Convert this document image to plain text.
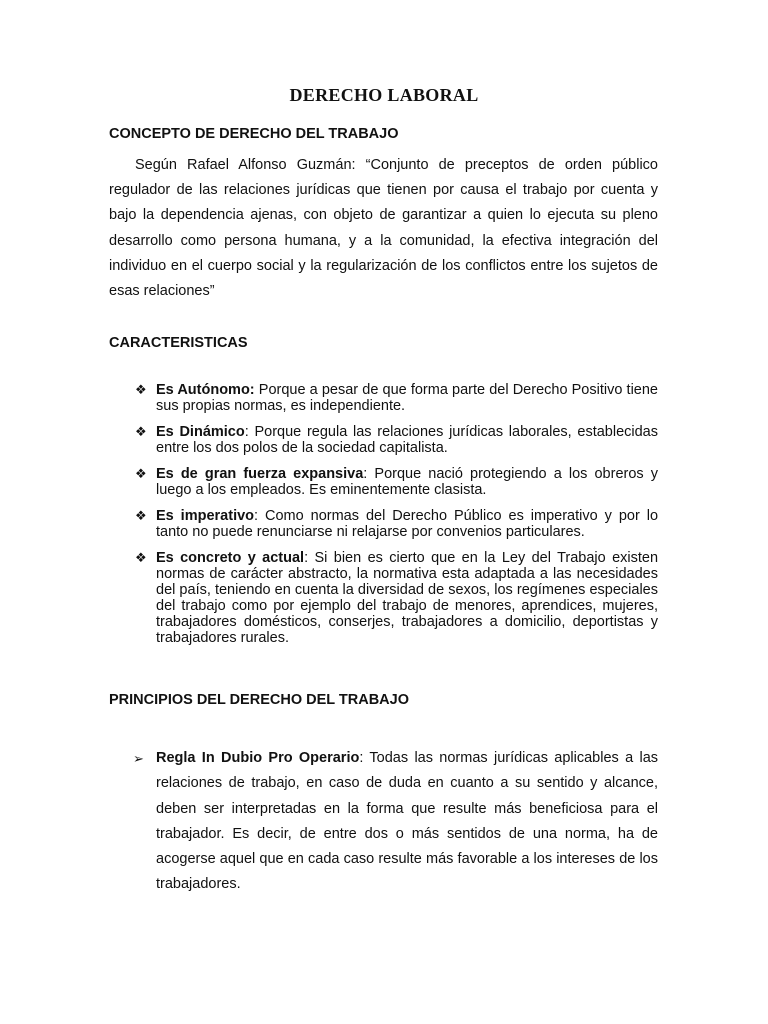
DERECHO LABORAL
CONCEPTO DE DERECHO DEL TRABAJO

Según Rafael Alfonso Guzmán: “Conjunto de preceptos de orden público regulador de las relaciones jurídicas que tienen por causa el trabajo por cuenta y bajo la dependencia ajenas, con objeto de garantizar a quien lo ejecuta su pleno desarrollo como persona humana, y a la comunidad, la efectiva integración del individuo en el cuerpo social y la regularización de los conflictos entre los sujetos de esas relaciones”

CARACTERISTICAS
❖ Es Autónomo: Porque a pesar de que forma parte del Derecho Positivo tiene sus propias normas, es independiente.
❖ Es Dinámico: Porque regula las relaciones jurídicas laborales, establecidas entre los dos polos de la sociedad capitalista.
❖ Es de gran fuerza expansiva: Porque nació protegiendo a los obreros y luego a los empleados. Es eminentemente clasista.
❖ Es imperativo: Como normas del Derecho Público es imperativo y por lo tanto no puede renunciarse ni relajarse por convenios particulares.
❖ Es concreto y actual: Si bien es cierto que en la Ley del Trabajo existen normas de carácter abstracto, la normativa esta adaptada a las necesidades del país, teniendo en cuenta la diversidad de sexos, los regímenes especiales del trabajo como por ejemplo del trabajo de menores, aprendices, mujeres, trabajadores domésticos, conserjes, trabajadores a domicilio, deportistas y trabajadores rurales.
PRINCIPIOS DEL DERECHO DEL TRABAJO
➢ Regla In Dubio Pro Operario: Todas las normas jurídicas aplicables a las relaciones de trabajo, en caso de duda en cuanto a su sentido y alcance, deben ser interpretadas en la forma que resulte más beneficiosa para el trabajador. Es decir, de entre dos o más sentidos de una norma, ha de acogerse aquel que en cada caso resulte más favorable a los intereses de los trabajadores.
